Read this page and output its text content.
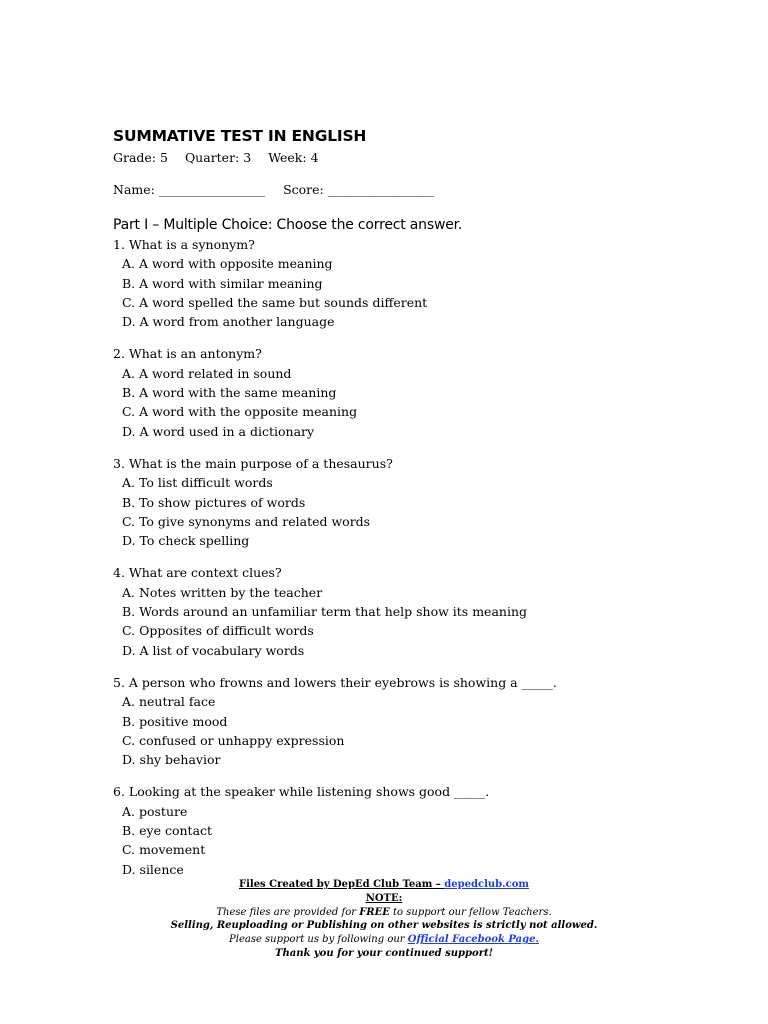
SUMMATIVE TEST IN ENGLISH
Grade: 5 Quarter: 3 Week: 4
Name: _________________ Score: _________________
Part I – Multiple Choice: Choose the correct answer.
1. What is a synonym?
A. A word with opposite meaning
B. A word with similar meaning
C. A word spelled the same but sounds different
D. A word from another language
2. What is an antonym?
A. A word related in sound
B. A word with the same meaning
C. A word with the opposite meaning
D. A word used in a dictionary
3. What is the main purpose of a thesaurus?
A. To list difficult words
B. To show pictures of words
C. To give synonyms and related words
D. To check spelling
4. What are context clues?
A. Notes written by the teacher
B. Words around an unfamiliar term that help show its meaning
C. Opposites of difficult words
D. A list of vocabulary words
5. A person who frowns and lowers their eyebrows is showing a _____.
A. neutral face
B. positive mood
C. confused or unhappy expression
D. shy behavior
6. Looking at the speaker while listening shows good _____.
A. posture
B. eye contact
C. movement
D. silence
Files Created by DepEd Club Team – depedclub.com
NOTE:
These files are provided for FREE to support our fellow Teachers.
Selling, Reuploading or Publishing on other websites is strictly not allowed.
Please support us by following our Official Facebook Page.
Thank you for your continued support!
